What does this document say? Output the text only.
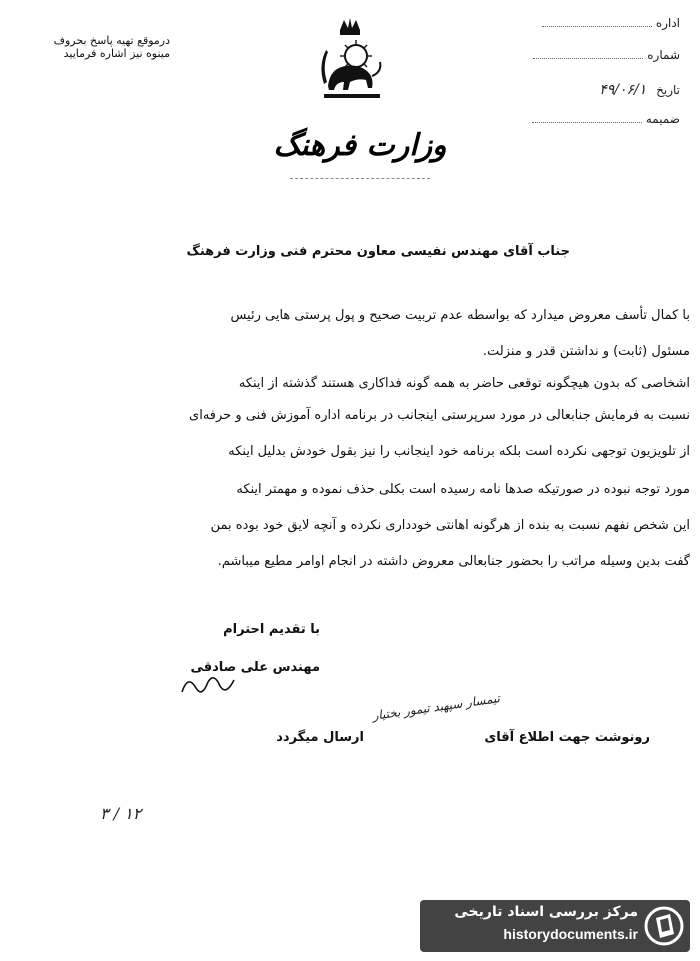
درموقع تهیه پاسخ بحروف
مینوه نیز اشاره فرمایید
اداره
شماره
تاریخ ۴۹/۰۶/۱
ضمیمه
وزارت فرهنگ
جناب آقای مهندس نفیسی معاون محترم فنی وزارت فرهنگ
با کمال تأسف معروض میدارد که بواسطه عدم تربیت صحیح و پول پرستی هایی رئیس
مسئول (ثابت) و نداشتن قدر و منزلت.
اشخاصی که بدون هیچگونه توقعی حاضر به همه گونه فداکاری هستند گذشته از اینکه
نسبت به فرمایش جنابعالی در مورد سرپرستی اینجانب در برنامه اداره آموزش فنی و حرفه‌ای
از تلویزیون توجهی نکرده است بلکه برنامه خود اینجانب را نیز بقول خودش بدلیل اینکه
مورد توجه نبوده در صورتیکه صدها نامه رسیده است بکلی حذف نموده و مهمتر اینکه
این شخص نفهم نسبت به بنده از هرگونه اهانتی خودداری نکرده و آنچه لایق خود بوده بمن
گفت بدین وسیله مراتب را بحضور جنابعالی معروض داشته در انجام اوامر مطیع میباشم.
با تقدیم احترام
مهندس علی صادقی
رونوشت جهت اطلاع آقای
تیمسار سپهبد تیمور بختیار
ارسال میگردد
۳ / ۱۲
مرکز بررسی اسناد تاریخی
historydocuments.ir
